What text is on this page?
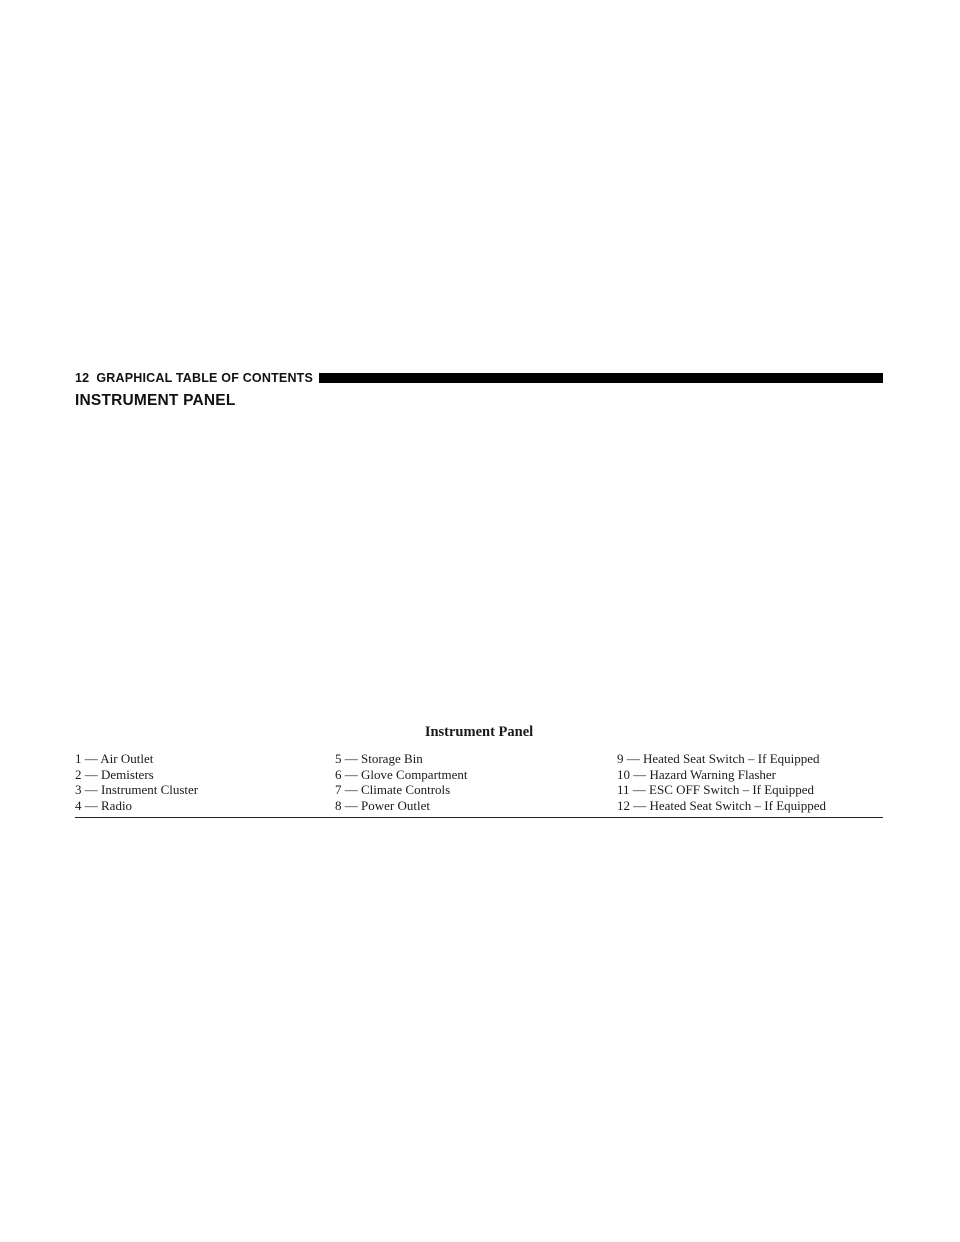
12 GRAPHICAL TABLE OF CONTENTS
INSTRUMENT PANEL
Instrument Panel
1 — Air Outlet
2 — Demisters
3 — Instrument Cluster
4 — Radio
5 — Storage Bin
6 — Glove Compartment
7 — Climate Controls
8 — Power Outlet
9 — Heated Seat Switch – If Equipped
10 — Hazard Warning Flasher
11 — ESC OFF Switch – If Equipped
12 — Heated Seat Switch – If Equipped
